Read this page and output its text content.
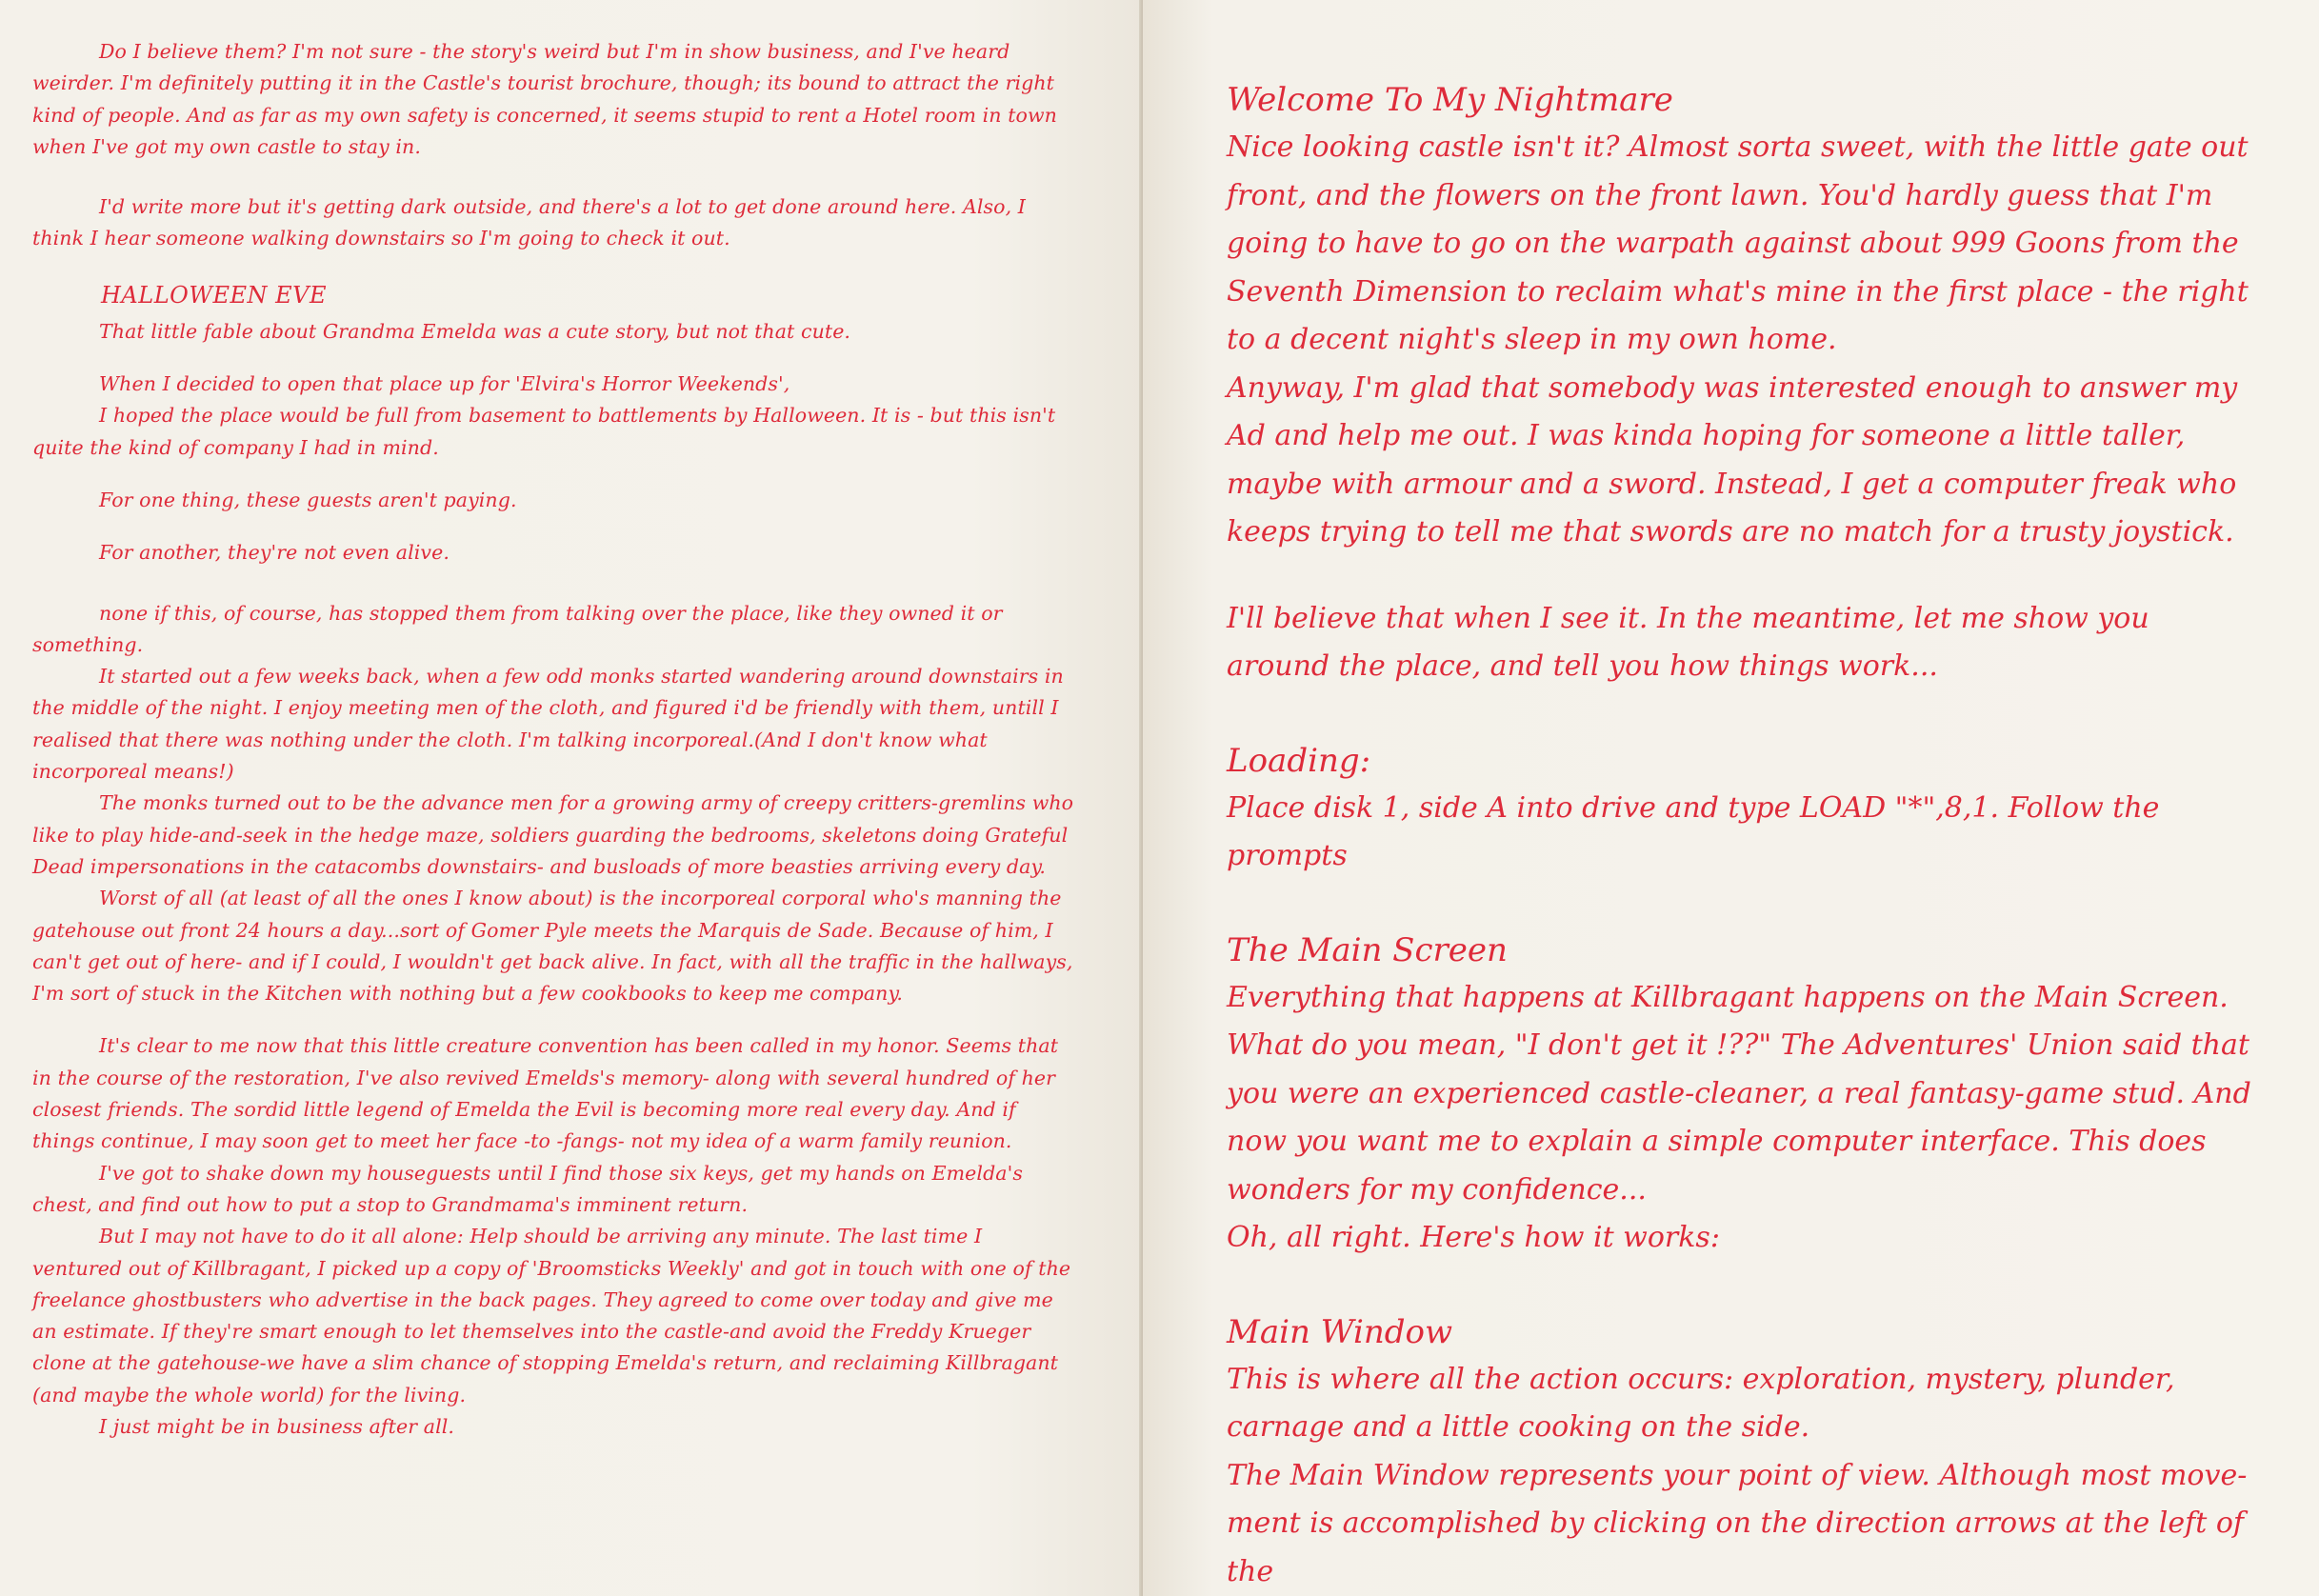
Do I believe them? I'm not sure - the story's weird but I'm in show business, and I've heard weirder. I'm definitely putting it in the Castle's tourist brochure, though; its bound to attract the right kind of people. And as far as my own safety is concerned, it seems stupid to rent a Hotel room in town when I've got my own castle to stay in.

I'd write more but it's getting dark outside, and there's a lot to get done around here. Also, I think I hear someone walking downstairs so I'm going to check it out.

HALLOWEEN EVE

That little fable about Grandma Emelda was a cute story, but not that cute.

When I decided to open that place up for 'Elvira's Horror Weekends',

I hoped the place would be full from basement to battlements by Halloween. It is - but this isn't quite the kind of company I had in mind.

For one thing, these guests aren't paying.

For another, they're not even alive.

none if this, of course, has stopped them from talking over the place, like they owned it or something.

It started out a few weeks back, when a few odd monks started wandering around downstairs in the middle of the night. I enjoy meeting men of the cloth, and figured i'd be friendly with them, untill I realised that there was nothing under the cloth. I'm talking incorporeal.(And I don't know what incorporeal means!)

The monks turned out to be the advance men for a growing army of creepy critters-gremlins who like to play hide-and-seek in the hedge maze, soldiers guarding the bedrooms, skeletons doing Grateful Dead impersonations in the catacombs downstairs- and busloads of more beasties arriving every day.

Worst of all (at least of all the ones I know about) is the incorporeal corporal who's manning the gatehouse out front 24 hours a day...sort of Gomer Pyle meets the Marquis de Sade. Because of him, I can't get out of here- and if I could, I wouldn't get back alive. In fact, with all the traffic in the hallways, I'm sort of stuck in the Kitchen with nothing but a few cookbooks to keep me company.

It's clear to me now that this little creature convention has been called in my honor. Seems that in the course of the restoration, I've also revived Emelds's memory- along with several hundred of her closest friends. The sordid little legend of Emelda the Evil is becoming more real every day. And if things continue, I may soon get to meet her face -to -fangs- not my idea of a warm family reunion.

I've got to shake down my houseguests until I find those six keys, get my hands on Emelda's chest, and find out how to put a stop to Grandmama's imminent return.

But I may not have to do it all alone: Help should be arriving any minute. The last time I ventured out of Killbragant, I picked up a copy of 'Broomsticks Weekly' and got in touch with one of the freelance ghostbusters who advertise in the back pages. They agreed to come over today and give me an estimate. If they're smart enough to let themselves into the castle-and avoid the Freddy Krueger clone at the gatehouse-we have a slim chance of stopping Emelda's return, and reclaiming Killbragant (and maybe the whole world) for the living.

I just might be in business after all.

Welcome To My Nightmare

Nice looking castle isn't it? Almost sorta sweet, with the little gate out front, and the flowers on the front lawn. You'd hardly guess that I'm going to have to go on the warpath against about 999 Goons from the Seventh Dimension to reclaim what's mine in the first place - the right to a decent night's sleep in my own home.

Anyway, I'm glad that somebody was interested enough to answer my Ad and help me out. I was kinda hoping for someone a little taller, maybe with armour and a sword. Instead, I get a computer freak who keeps trying to tell me that swords are no match for a trusty joystick.

I'll believe that when I see it. In the meantime, let me show you around the place, and tell you how things work...

Loading:

Place disk 1, side A into drive and type LOAD "*",8,1. Follow the prompts

The Main Screen

Everything that happens at Killbragant happens on the Main Screen. What do you mean, "I don't get it !??" The Adventures' Union said that you were an experienced castle-cleaner, a real fantasy-game stud. And now you want me to explain a simple computer interface. This does wonders for my confidence...

Oh, all right. Here's how it works:

Main Window

This is where all the action occurs: exploration, mystery, plunder, carnage and a little cooking on the side.

The Main Window represents your point of view. Although most move-ment is accomplished by clicking on the direction arrows at the left of the
